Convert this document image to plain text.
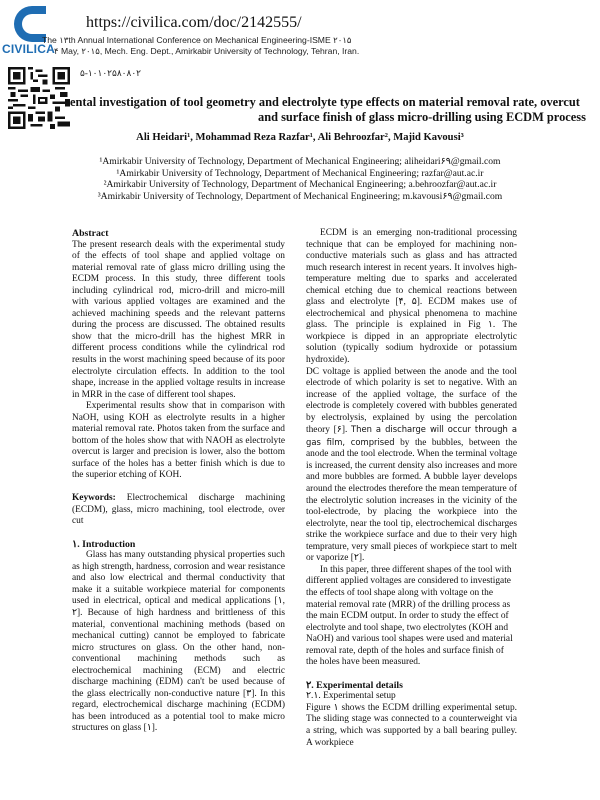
CIVILICA
https://civilica.com/doc/2142555/
The ۱۳th Annual International Conference on Mechanical Engineering-ISME ۲۰۱۵
۴ May, ۲۰۱۵, Mech. Eng. Dept., Amirkabir University of Technology, Tehran, Iran.
۵-۱۰۱۰۲۵۸۰۸۰۲
ental investigation of tool geometry and electrolyte type effects on material removal rate, overcut
and surface finish of glass micro-drilling using ECDM process
Ali Heidari¹, Mohammad Reza Razfar¹, Ali Behroozfar², Majid Kavousi³
¹Amirkabir University of Technology, Department of Mechanical Engineering; aliheidari۶۹@gmail.com
¹Amirkabir University of Technology, Department of Mechanical Engineering; razfar@aut.ac.ir
²Amirkabir University of Technology, Department of Mechanical Engineering; a.behroozfar@aut.ac.ir
³Amirkabir University of Technology, Department of Mechanical Engineering; m.kavousi۶۹@gmail.com

Abstract

The present research deals with the experimental study of the effects of tool shape and applied voltage on material removal rate of glass micro drilling using the ECDM process. In this study, three different tools including cylindrical rod, micro-drill and micro-mill with various applied voltages are examined and the achieved machining speeds and the relevant patterns during the process are discussed. The obtained results show that the micro-drill has the highest MRR in different process conditions while the cylindrical rod results in the worst machining speed because of its poor electrolyte circulation effects. In addition to the tool shape, increase in the applied voltage results in increase in MRR in the case of different tool shapes.

Experimental results show that in comparison with NaOH, using KOH as electrolyte results in a higher material removal rate. Photos taken from the surface and bottom of the holes show that with NAOH as electrolyte overcut is larger and precision is lower, also the bottom surface of the holes has a better finish which is due to the superior etching of KOH.

Keywords: Electrochemical discharge machining (ECDM), glass, micro machining, tool electrode, over cut

۱. Introduction

Glass has many outstanding physical properties such as high strength, hardness, corrosion and wear resistance and also low electrical and thermal conductivity that make it a suitable workpiece material for components used in electrical, optical and medical applications [۱, ۲]. Because of high hardness and brittleness of this material, conventional machining methods (based on mechanical cutting) cannot be employed to fabricate micro structures on glass. On the other hand, non-conventional machining methods such as electrochemical machining (ECM) and electric discharge machining (EDM) can't be used because of the glass electrically non-conductive nature [۳]. In this regard, electrochemical discharge machining (ECDM) has been introduced as a potential tool to make micro structures on glass [۱].

ECDM is an emerging non-traditional processing technique that can be employed for machining non-conductive materials such as glass and has attracted much research interest in recent years. It involves high-temperature melting due to sparks and accelerated chemical etching due to chemical reactions between glass and electrolyte [۴, ۵]. ECDM makes use of electrochemical and physical phenomena to machine glass. The principle is explained in Fig ۱. The workpiece is dipped in an appropriate electrolytic solution (typically sodium hydroxide or potassium hydroxide).

DC voltage is applied between the anode and the tool electrode of which polarity is set to negative. With an increase of the applied voltage, the surface of the electrode is completely covered with bubbles generated by electrolysis, explained by using the percolation theory [۶]. Then a discharge will occur through a gas film, comprised by the bubbles, between the anode and the tool electrode. When the terminal voltage is increased, the current density also increases and more and more bubbles are formed. A bubble layer develops around the electrodes therefore the mean temperature of the electrolytic solution increases in the vicinity of the tool-electrode, by placing the workpiece into the electrolyte, near the tool tip, electrochemical discharges strike the workpiece surface and due to their very high temprature, very small pieces of workpiece start to melt or vaporize [۲].

In this paper, three different shapes of the tool with different applied voltages are considered to investigate the effects of tool shape along with voltage on the material removal rate (MRR) of the drilling process as the main ECDM output. In order to study the effect of electrolyte and tool shape, two electrolytes (KOH and NaOH) and various tool shapes were used and material removal rate, depth of the holes and surface finish of the holes have been measured.

۲. Experimental details

۲.۱. Experimental setup

Figure ۱ shows the ECDM drilling experimental setup. The sliding stage was connected to a counterweight via a string, which was supported by a ball bearing pulley. A workpiece
